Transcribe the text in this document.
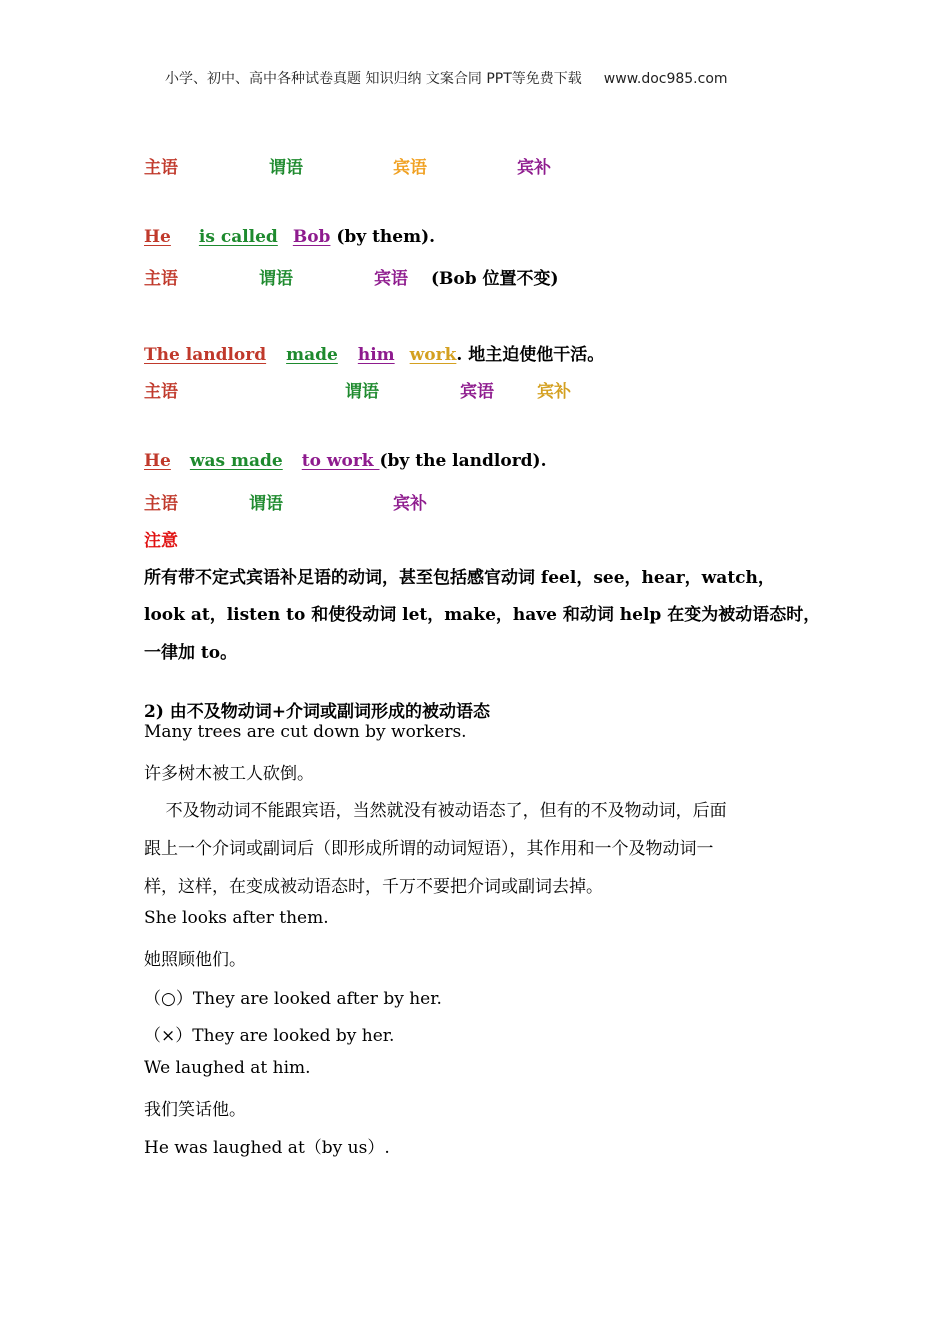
小学、初中、高中各种试卷真题 知识归纳 文案合同 PPT等免费下载 www.doc985.com
主语	谓语	宾语	宾补
He is called Bob (by them).
主语	谓语	宾语 (Bob 位置不变)
The landlord made him work. 地主迫使他干活。
主语	谓语	宾语	宾补
He was made to work (by the landlord).
主语	谓语	宾补
注意
所有带不定式宾语补足语的动词，甚至包括感官动词 feel，see，hear，watch，
look at，listen to 和使役动词 let，make，have 和动词 help 在变为被动语态时，
一律加 to。
2) 由不及物动词+介词或副词形成的被动语态
Many trees are cut down by workers.
许多树木被工人砍倒。
不及物动词不能跟宾语，当然就没有被动语态了，但有的不及物动词，后面
跟上一个介词或副词后（即形成所谓的动词短语），其作用和一个及物动词一
样，这样，在变成被动语态时，千万不要把介词或副词去掉。
She looks after them.
她照顾他们。
（○）They are looked after by her.
（×）They are looked by her.
We laughed at him.
我们笑话他。
He was laughed at（by us）.
